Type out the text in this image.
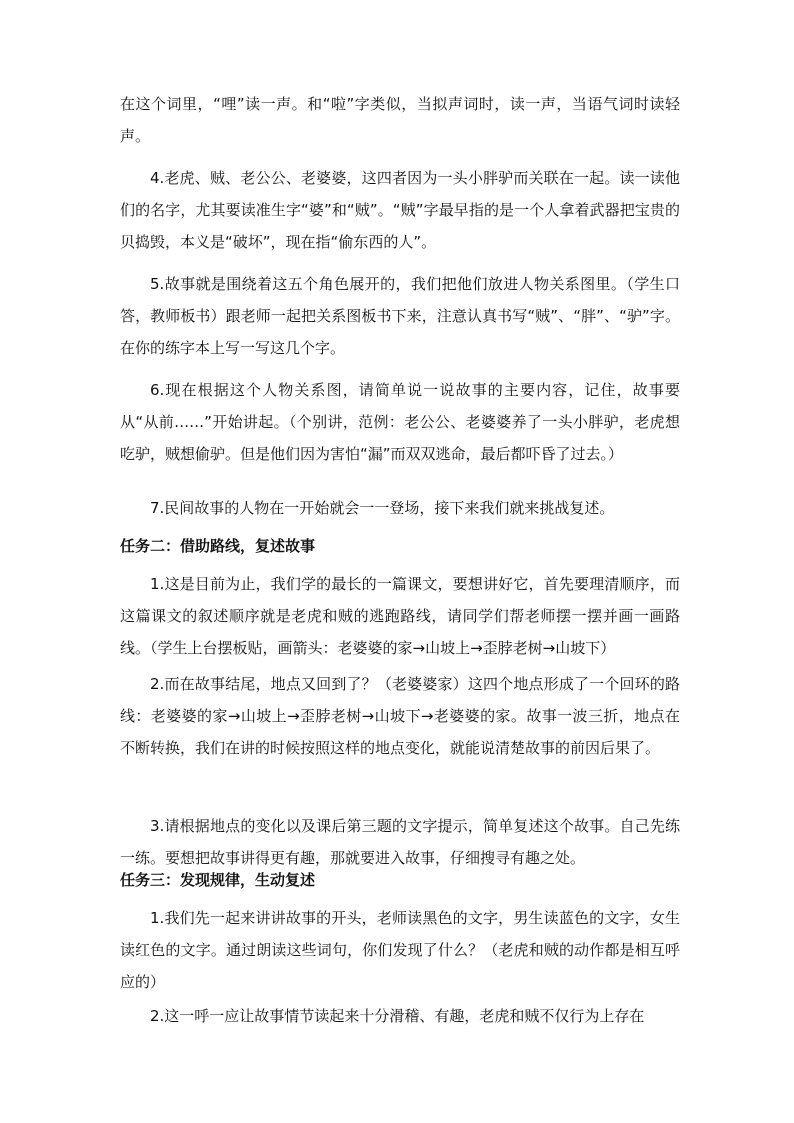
在这个词里，“哩”读一声。和“啦”字类似，当拟声词时，读一声，当语气词时读轻声。

4.老虎、贼、老公公、老婆婆，这四者因为一头小胖驴而关联在一起。读一读他们的名字，尤其要读准生字“婆”和“贼”。“贼”字最早指的是一个人拿着武器把宝贵的贝捣毁，本义是“破坏”，现在指“偷东西的人”。

5.故事就是围绕着这五个角色展开的，我们把他们放进人物关系图里。（学生口答，教师板书）跟老师一起把关系图板书下来，注意认真书写“贼”、“胖”、“驴”字。在你的练字本上写一写这几个字。

6.现在根据这个人物关系图，请简单说一说故事的主要内容，记住，故事要从“从前……”开始讲起。（个别讲，范例：老公公、老婆婆养了一头小胖驴，老虎想吃驴，贼想偷驴。但是他们因为害怕“漏”而双双逃命，最后都吓昏了过去。）

7.民间故事的人物在一开始就会一一登场，接下来我们就来挑战复述。

任务二：借助路线，复述故事

1.这是目前为止，我们学的最长的一篇课文，要想讲好它，首先要理清顺序，而这篇课文的叙述顺序就是老虎和贼的逃跑路线，请同学们帮老师摆一摆并画一画路线。（学生上台摆板贴，画箭头：老婆婆的家→山坡上→歪脖老树→山坡下）

2.而在故事结尾，地点又回到了？（老婆婆家）这四个地点形成了一个回环的路线：老婆婆的家→山坡上→歪脖老树→山坡下→老婆婆的家。故事一波三折，地点在不断转换，我们在讲的时候按照这样的地点变化，就能说清楚故事的前因后果了。

3.请根据地点的变化以及课后第三题的文字提示，简单复述这个故事。自己先练一练。要想把故事讲得更有趣，那就要进入故事，仔细搜寻有趣之处。

任务三：发现规律，生动复述

1.我们先一起来讲讲故事的开头，老师读黑色的文字，男生读蓝色的文字，女生读红色的文字。通过朗读这些词句，你们发现了什么？（老虎和贼的动作都是相互呼应的）

2.这一呼一应让故事情节读起来十分滑稽、有趣，老虎和贼不仅行为上存在
